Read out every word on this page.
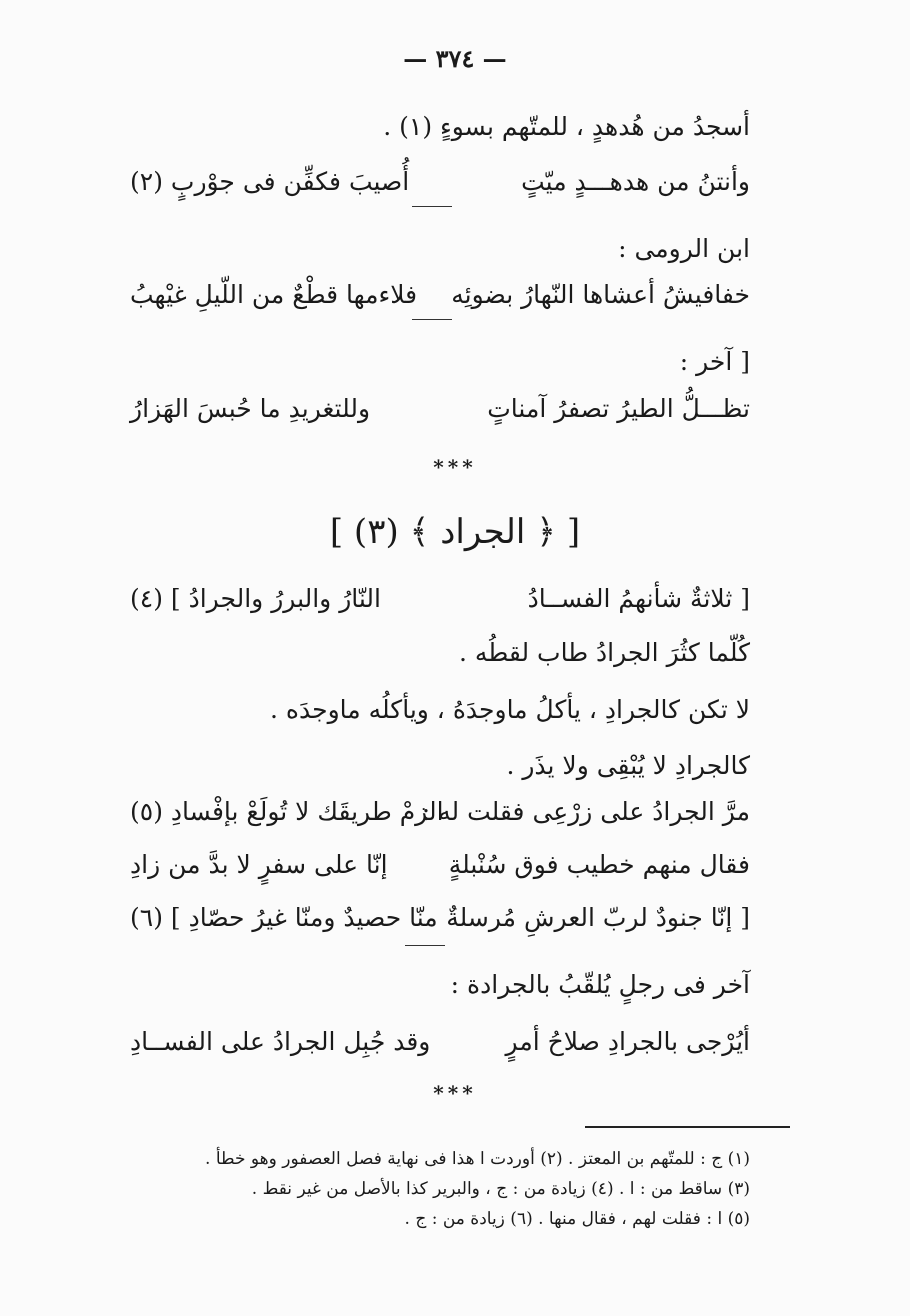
— ٣٧٤ —
أسجدُ من هُدهدٍ ، للمتّهم بسوءٍ (١) .
وأنتنُ من هدهـــدٍ ميّتٍ
أُصيبَ فكفِّن فى جوْربٍ (٢)
ابن الرومى :
خفافيشُ أعشاها النّهارُ بضوئِه
فلاءمها قطْعٌ من اللّيلِ غيْهبُ
[ آخر :
تظـــلُّ الطيرُ تصفرُ آمناتٍ
وللتغريدِ ما حُبسَ الهَزارُ
***
[ ﴿ الجراد ﴾ (٣) ]
[ ثلاثةٌ شأنهمُ الفســادُ
النّارُ والبررُ والجرادُ ] (٤)
كُلّما كثُرَ الجرادُ طاب لقطُه .
لا تكن كالجرادِ ، يأكلُ ماوجدَهُ ، ويأكلُه ماوجدَه .
كالجرادِ لا يُبْقِى ولا يذَر .
مرَّ الجرادُ على زرْعِى فقلت له :
الزمْ طريقَك لا تُولَعْ بإفْسادِ (٥)
فقال منهم خطيب فوق سُنْبلةٍ
إنّا على سفرٍ لا بدَّ من زادِ
[ إنّا جنودٌ لربّ العرشِ مُرسلةٌ
منّا حصيدٌ ومنّا غيرُ حصّادِ ] (٦)
آخر فى رجلٍ يُلقّبُ بالجرادة :
أيُرْجى بالجرادِ صلاحُ أمرٍ
وقد جُبِل الجرادُ على الفســادِ
***
(١) ج : للمتّهم بن المعتز . (٢) أوردت ا هذا فى نهاية فصل العصفور وهو خطأ .
(٣) ساقط من : ا . (٤) زيادة من : ج ، والبرير كذا بالأصل من غير نقط .
(٥) ا : فقلت لهم ، فقال منها . (٦) زيادة من : ج .
